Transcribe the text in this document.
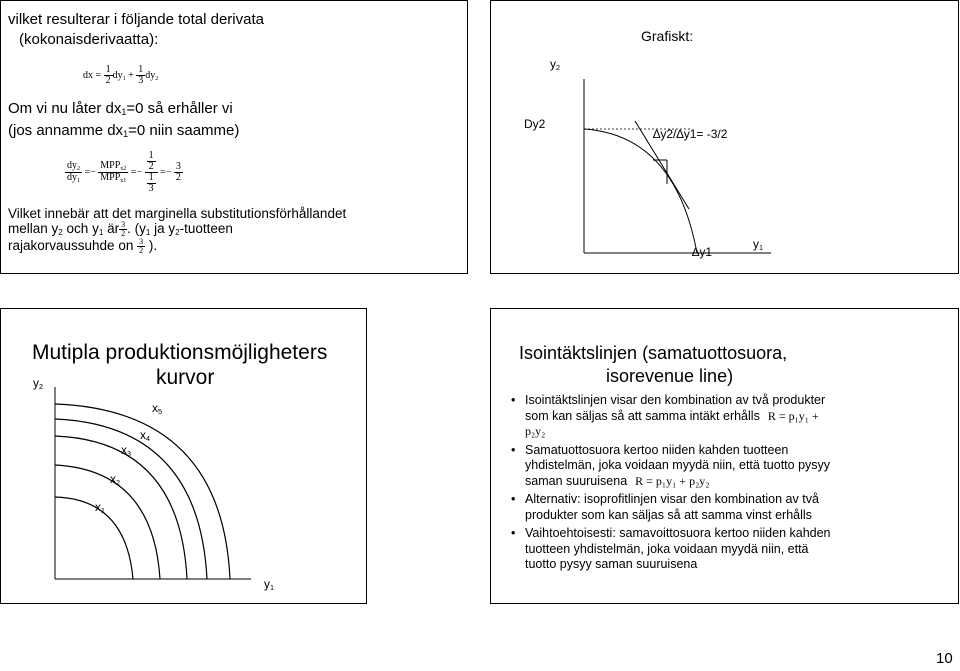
vilket resulterar i följande total derivata
(kokonaisderivaatta):
dx = $\frac{1}{2} dy_1 + \frac{1}{3} dy_2$
Om vi nu låter $dx_1=0$ så erhåller vi
(jos annamme $dx_1=0$ niin saamme)
$\frac{dy_2}{dy_1} =- \frac{MPP_{x2}}{MPP_{x1}} =- \frac{\frac{1}{2}}{\frac{1}{3}} =- \frac{3}{2}$
Vilket innebär att det marginella substitutionsförhållandet
mellan $y_2$ och $y_1$ är $\frac{3}{2}$ . ($y_1$ ja $y_2$-tuotteen
rajakorvaussuhde on $\frac{3}{2}$ ).
Grafiskt:
$y_2$
Dy2
∆y2/∆y1= -3/2
∆y1
$y_1$
Mutipla produktionsmöjligheters
kurvor
$y_2$
$y_1$
$x_1$
$x_2$
$x_3$
$x_4$
$x_5$
Isointäktslinjen (samatuottosuora,
isorevenue line)
• Isointäktslinjen visar den kombination av två produkter som kan säljas så att samma intäkt erhålls R = p₁y₁ + p₂y₂
• Samatuottosuora kertoo niiden kahden tuotteen yhdistelmän, joka voidaan myydä niin, että tuotto pysyy saman suuruisena R = p₁y₁ + p₂y₂
• Alternativ: isoprofitlinjen visar den kombination av två produkter som kan säljas så att samma vinst erhålls
• Vaihtoehtoisesti: samavoittosuora kertoo niiden kahden tuotteen yhdistelmän, joka voidaan myydä niin, että tuotto pysyy saman suuruisena
10
